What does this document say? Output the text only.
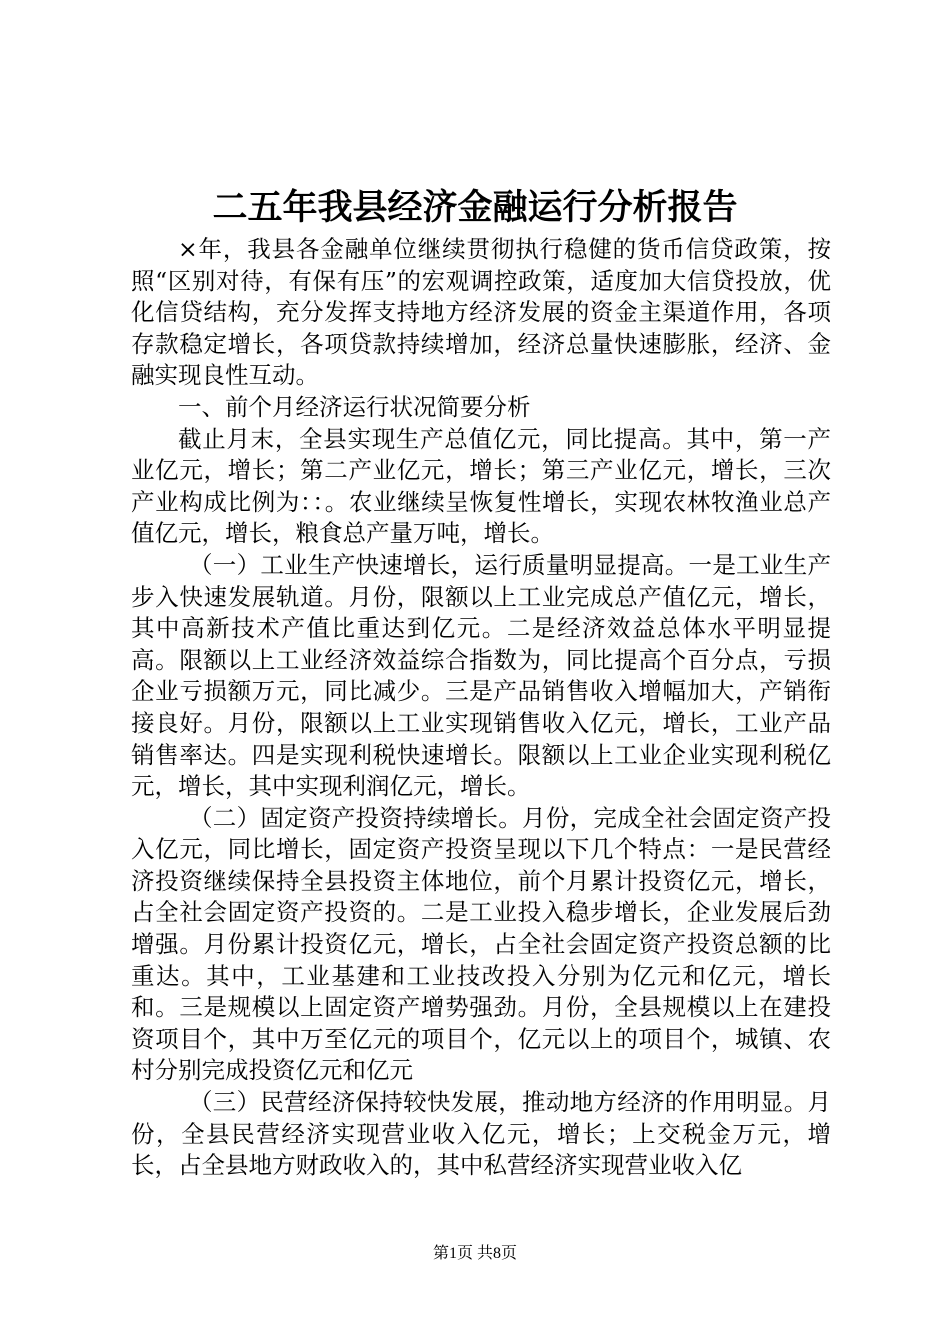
二五年我县经济金融运行分析报告

×年，我县各金融单位继续贯彻执行稳健的货币信贷政策，按照“区别对待，有保有压”的宏观调控政策，适度加大信贷投放，优化信贷结构，充分发挥支持地方经济发展的资金主渠道作用，各项存款稳定增长，各项贷款持续增加，经济总量快速膨胀，经济、金融实现良性互动。

一、前个月经济运行状况简要分析

截止月末，全县实现生产总值亿元，同比提高。其中，第一产业亿元，增长；第二产业亿元，增长；第三产业亿元，增长，三次产业构成比例为：：。农业继续呈恢复性增长，实现农林牧渔业总产值亿元，增长，粮食总产量万吨，增长。

（一）工业生产快速增长，运行质量明显提高。一是工业生产步入快速发展轨道。月份，限额以上工业完成总产值亿元，增长，其中高新技术产值比重达到亿元。二是经济效益总体水平明显提高。限额以上工业经济效益综合指数为，同比提高个百分点，亏损企业亏损额万元，同比减少。三是产品销售收入增幅加大，产销衔接良好。月份，限额以上工业实现销售收入亿元，增长，工业产品销售率达。四是实现利税快速增长。限额以上工业企业实现利税亿元，增长，其中实现利润亿元，增长。

（二）固定资产投资持续增长。月份，完成全社会固定资产投入亿元，同比增长，固定资产投资呈现以下几个特点：一是民营经济投资继续保持全县投资主体地位，前个月累计投资亿元，增长，占全社会固定资产投资的。二是工业投入稳步增长，企业发展后劲增强。月份累计投资亿元，增长，占全社会固定资产投资总额的比重达。其中，工业基建和工业技改投入分别为亿元和亿元，增长和。三是规模以上固定资产增势强劲。月份，全县规模以上在建投资项目个，其中万至亿元的项目个，亿元以上的项目个，城镇、农村分别完成投资亿元和亿元

（三）民营经济保持较快发展，推动地方经济的作用明显。月份，全县民营经济实现营业收入亿元，增长；上交税金万元，增长，占全县地方财政收入的，其中私营经济实现营业收入亿

第1页 共8页
